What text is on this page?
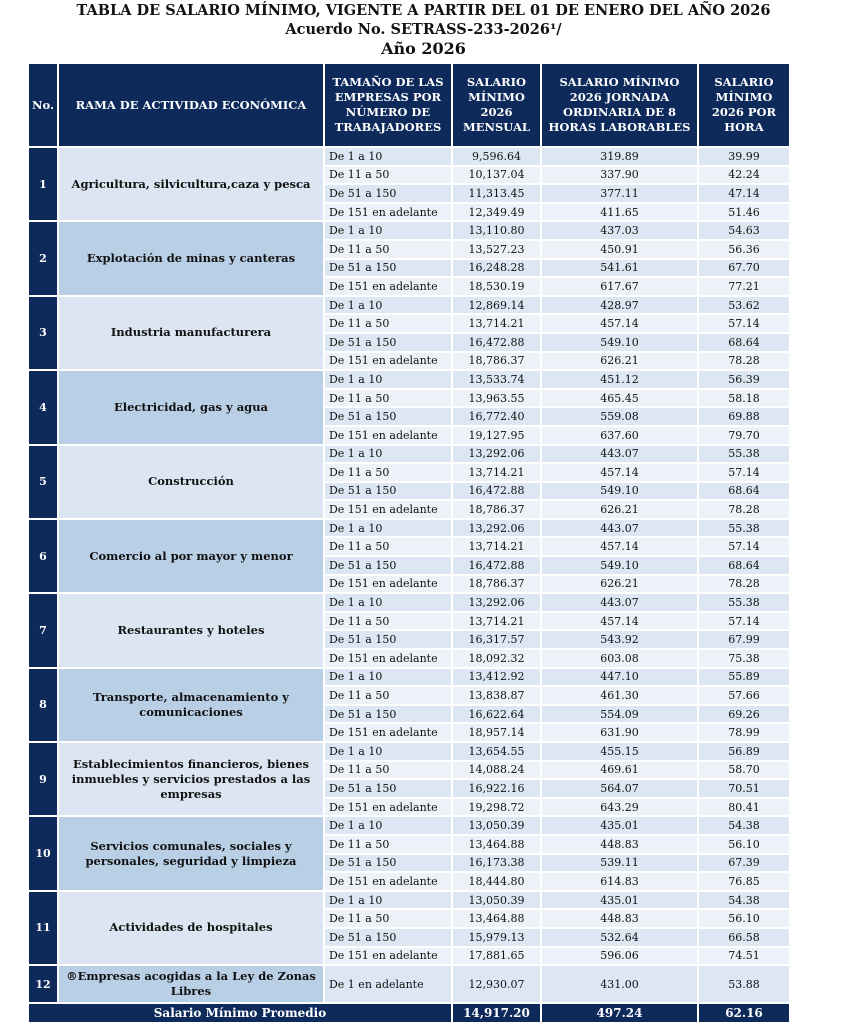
TABLA DE SALARIO MÍNIMO, VIGENTE A PARTIR DEL 01 DE ENERO DEL AÑO 2026
Acuerdo No. SETRASS-233-2026¹/
Año 2026
No.	RAMA DE ACTIVIDAD ECONÓMICA	TAMAÑO DE LAS EMPRESAS POR NÚMERO DE TRABAJADORES	SALARIO MÍNIMO 2026 MENSUAL	SALARIO MÍNIMO 2026 JORNADA ORDINARIA DE 8 HORAS LABORABLES	SALARIO MÍNIMO 2026 POR HORA
1	Agricultura, silvicultura,caza y pesca	De 1 a 10	9,596.64	319.89	39.99
		De 11 a 50	10,137.04	337.90	42.24
		De 51 a 150	11,313.45	377.11	47.14
		De 151 en adelante	12,349.49	411.65	51.46
2	Explotación de minas y canteras	De 1 a 10	13,110.80	437.03	54.63
		De 11 a 50	13,527.23	450.91	56.36
		De 51 a 150	16,248.28	541.61	67.70
		De 151 en adelante	18,530.19	617.67	77.21
3	Industria manufacturera	De 1 a 10	12,869.14	428.97	53.62
		De 11 a 50	13,714.21	457.14	57.14
		De 51 a 150	16,472.88	549.10	68.64
		De 151 en adelante	18,786.37	626.21	78.28
4	Electricidad, gas y agua	De 1 a 10	13,533.74	451.12	56.39
		De 11 a 50	13,963.55	465.45	58.18
		De 51 a 150	16,772.40	559.08	69.88
		De 151 en adelante	19,127.95	637.60	79.70
5	Construcción	De 1 a 10	13,292.06	443.07	55.38
		De 11 a 50	13,714.21	457.14	57.14
		De 51 a 150	16,472.88	549.10	68.64
		De 151 en adelante	18,786.37	626.21	78.28
6	Comercio al por mayor y menor	De 1 a 10	13,292.06	443.07	55.38
		De 11 a 50	13,714.21	457.14	57.14
		De 51 a 150	16,472.88	549.10	68.64
		De 151 en adelante	18,786.37	626.21	78.28
7	Restaurantes y hoteles	De 1 a 10	13,292.06	443.07	55.38
		De 11 a 50	13,714.21	457.14	57.14
		De 51 a 150	16,317.57	543.92	67.99
		De 151 en adelante	18,092.32	603.08	75.38
8	Transporte, almacenamiento y comunicaciones	De 1 a 10	13,412.92	447.10	55.89
		De 11 a 50	13,838.87	461.30	57.66
		De 51 a 150	16,622.64	554.09	69.26
		De 151 en adelante	18,957.14	631.90	78.99
9	Establecimientos financieros, bienes inmuebles y servicios prestados a las empresas	De 1 a 10	13,654.55	455.15	56.89
		De 11 a 50	14,088.24	469.61	58.70
		De 51 a 150	16,922.16	564.07	70.51
		De 151 en adelante	19,298.72	643.29	80.41
10	Servicios comunales, sociales y personales, seguridad y limpieza	De 1 a 10	13,050.39	435.01	54.38
		De 11 a 50	13,464.88	448.83	56.10
		De 51 a 150	16,173.38	539.11	67.39
		De 151 en adelante	18,444.80	614.83	76.85
11	Actividades de hospitales	De 1 a 10	13,050.39	435.01	54.38
		De 11 a 50	13,464.88	448.83	56.10
		De 51 a 150	15,979.13	532.64	66.58
		De 151 en adelante	17,881.65	596.06	74.51
12	®Empresas acogidas a la Ley de Zonas Libres	De 1 en adelante	12,930.07	431.00	53.88
Salario Mínimo Promedio			14,917.20	497.24	62.16
